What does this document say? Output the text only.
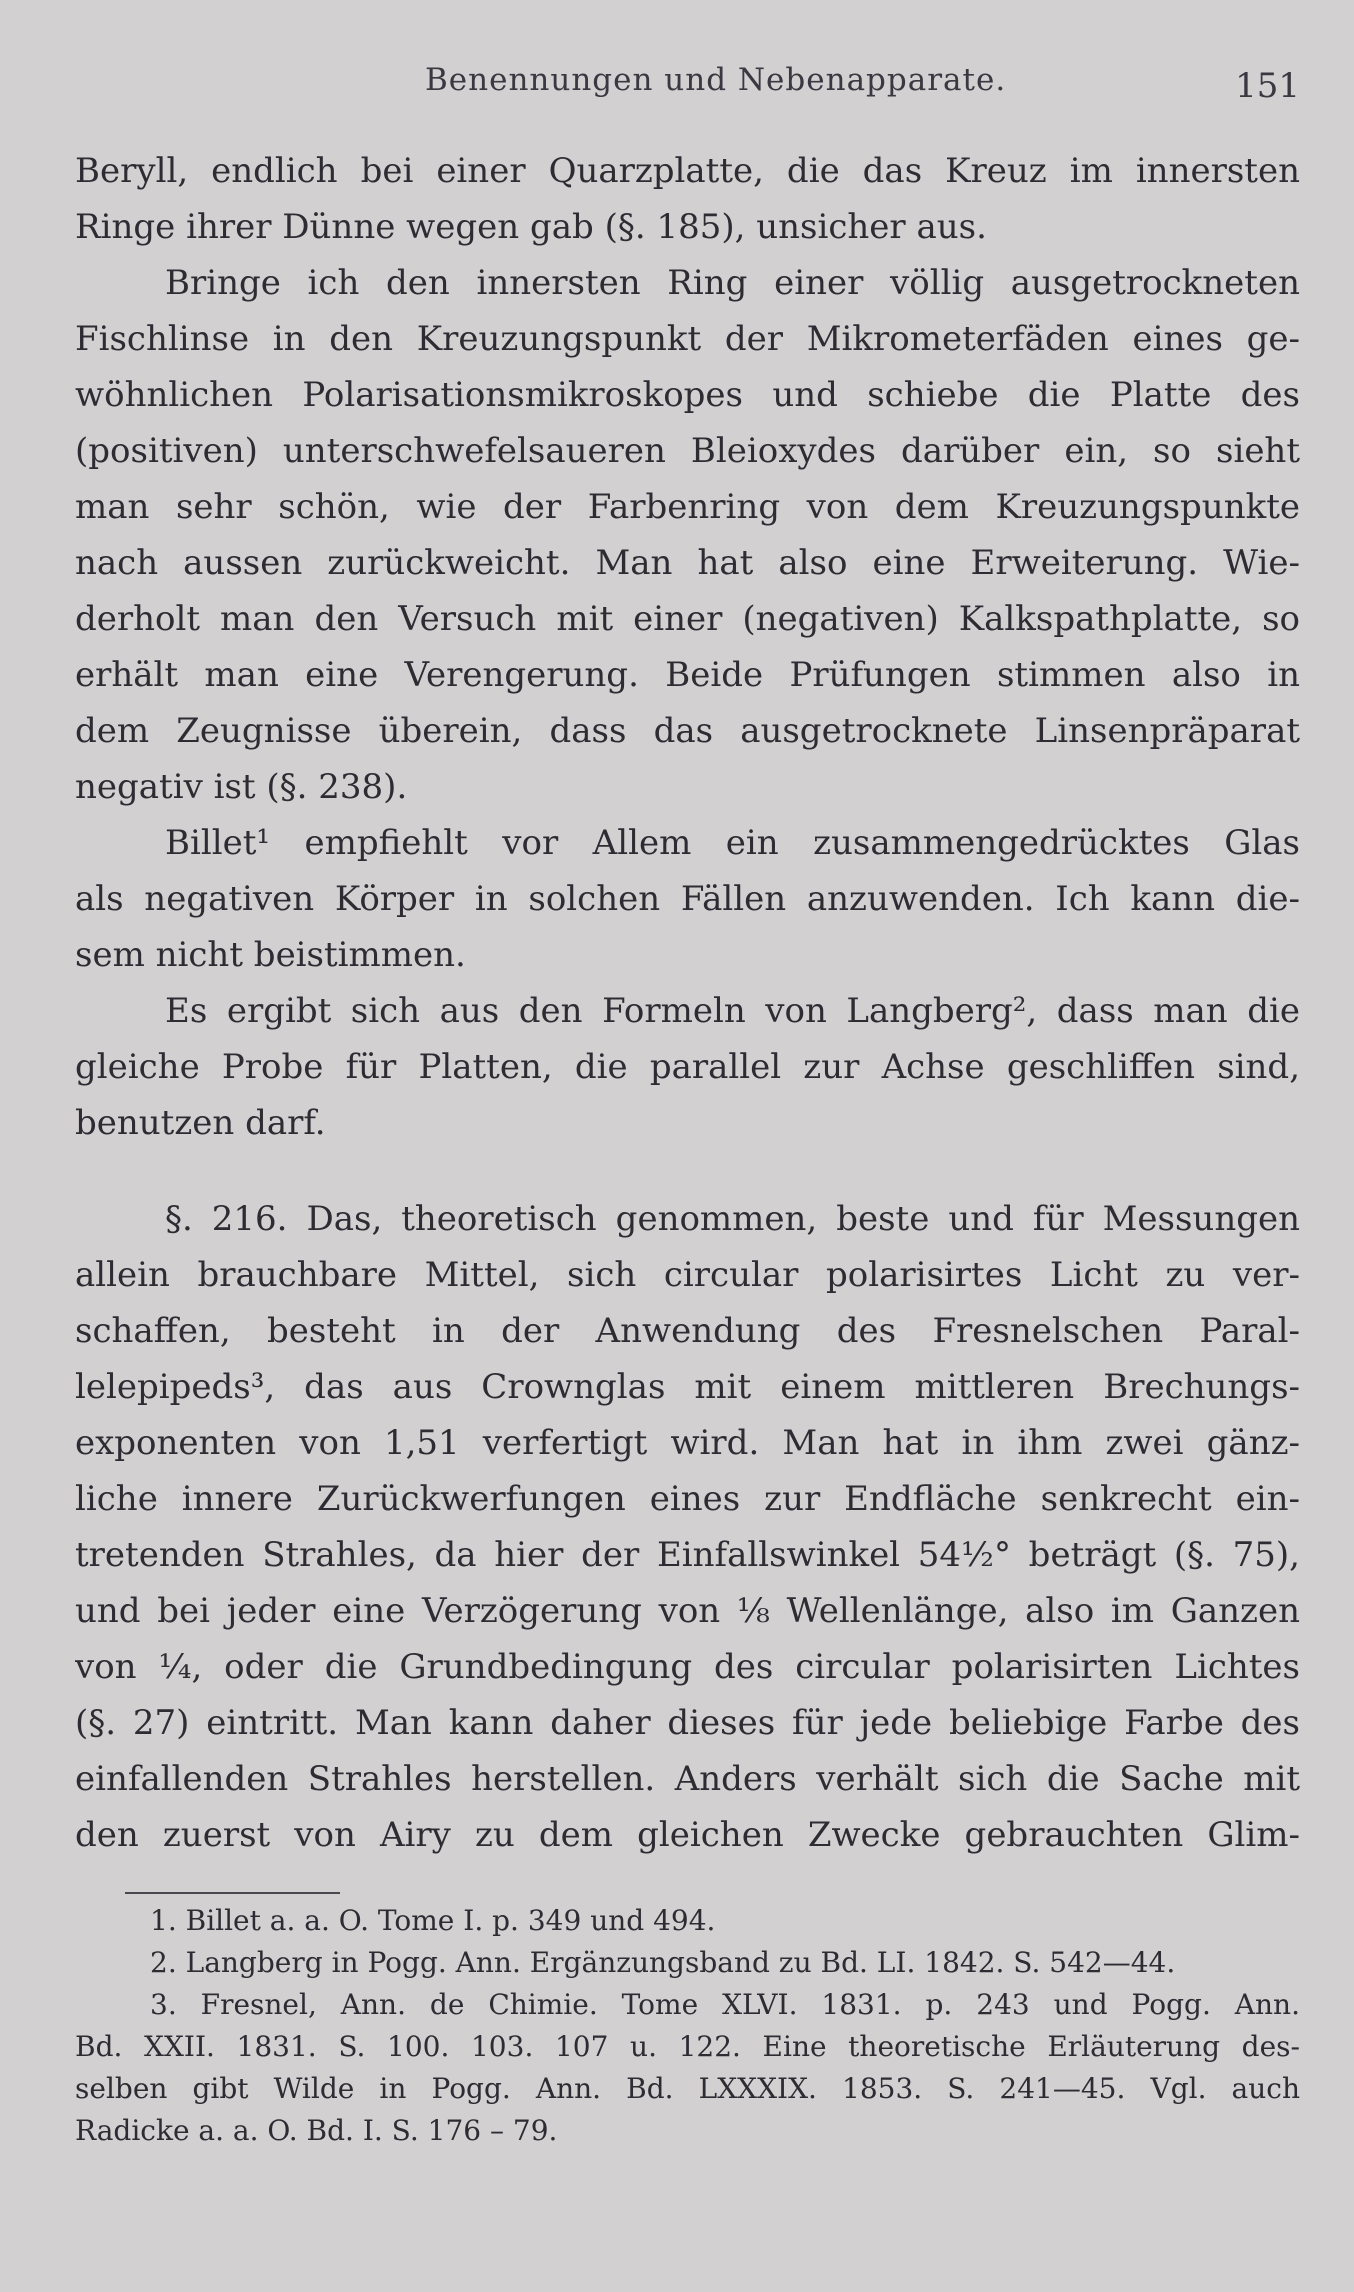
Benennungen und Nebenapparate.	151
Beryll, endlich bei einer Quarzplatte, die das Kreuz im innersten
Ringe ihrer Dünne wegen gab (§. 185), unsicher aus.
Bringe ich den innersten Ring einer völlig ausgetrockneten
Fischlinse in den Kreuzungspunkt der Mikrometerfäden eines ge-
wöhnlichen Polarisationsmikroskopes und schiebe die Platte des
(positiven) unterschwefelsaueren Bleioxydes darüber ein, so sieht
man sehr schön, wie der Farbenring von dem Kreuzungspunkte
nach aussen zurückweicht. Man hat also eine Erweiterung. Wie-
derholt man den Versuch mit einer (negativen) Kalkspathplatte, so
erhält man eine Verengerung. Beide Prüfungen stimmen also in
dem Zeugnisse überein, dass das ausgetrocknete Linsenpräparat
negativ ist (§. 238).
Billet¹ empfiehlt vor Allem ein zusammengedrücktes Glas
als negativen Körper in solchen Fällen anzuwenden. Ich kann die-
sem nicht beistimmen.
Es ergibt sich aus den Formeln von Langberg², dass man die
gleiche Probe für Platten, die parallel zur Achse geschliffen sind,
benutzen darf.
§. 216. Das, theoretisch genommen, beste und für Messungen
allein brauchbare Mittel, sich circular polarisirtes Licht zu ver-
schaffen, besteht in der Anwendung des Fresnelschen Paral-
lelepipeds³, das aus Crownglas mit einem mittleren Brechungs-
exponenten von 1,51 verfertigt wird. Man hat in ihm zwei gänz-
liche innere Zurückwerfungen eines zur Endfläche senkrecht ein-
tretenden Strahles, da hier der Einfallswinkel 54½° beträgt (§. 75),
und bei jeder eine Verzögerung von ⅛ Wellenlänge, also im Ganzen
von ¼, oder die Grundbedingung des circular polarisirten Lichtes
(§. 27) eintritt. Man kann daher dieses für jede beliebige Farbe des
einfallenden Strahles herstellen. Anders verhält sich die Sache mit
den zuerst von Airy zu dem gleichen Zwecke gebrauchten Glim-
1. Billet a. a. O. Tome I. p. 349 und 494.
2. Langberg in Pogg. Ann. Ergänzungsband zu Bd. LI. 1842. S. 542—44.
3. Fresnel, Ann. de Chimie. Tome XLVI. 1831. p. 243 und Pogg. Ann.
Bd. XXII. 1831. S. 100. 103. 107 u. 122. Eine theoretische Erläuterung des-
selben gibt Wilde in Pogg. Ann. Bd. LXXXIX. 1853. S. 241—45. Vgl. auch
Radicke a. a. O. Bd. I. S. 176 – 79.
